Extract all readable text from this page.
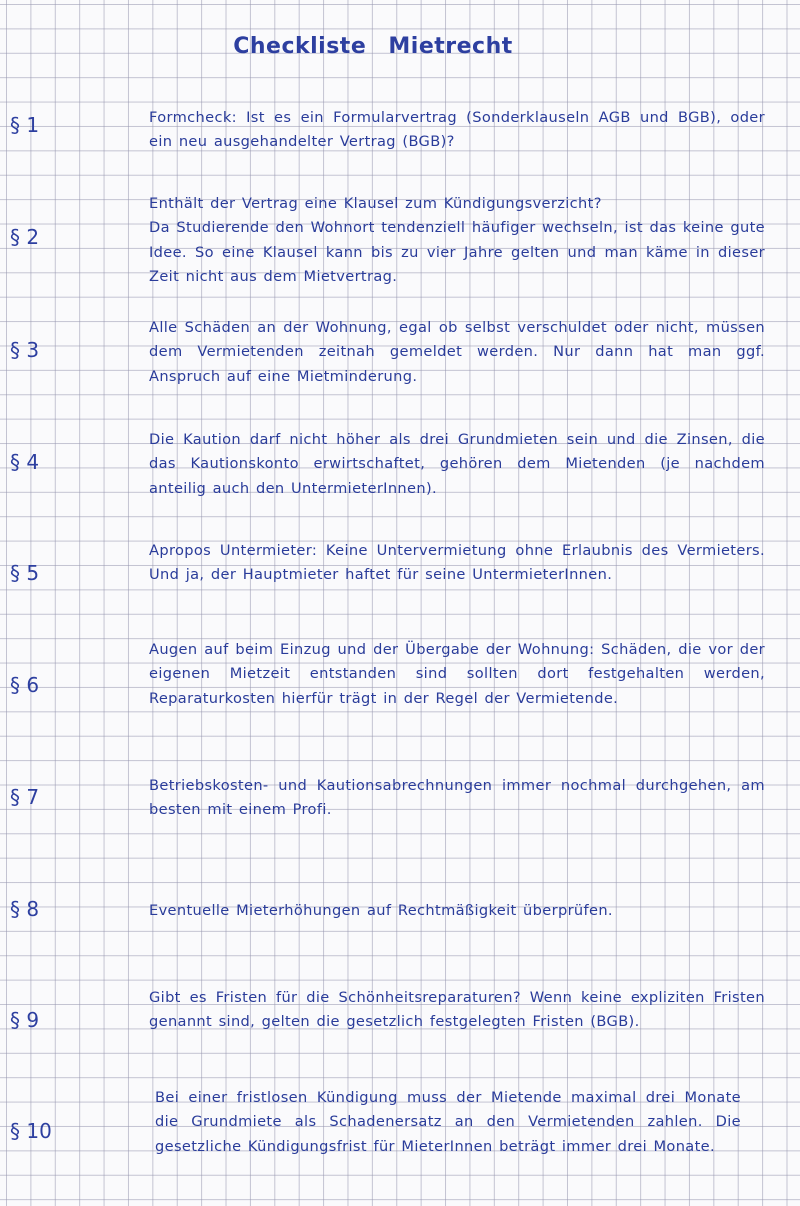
Checkliste Mietrecht
§ 1	Formcheck: Ist es ein Formularvertrag (Sonderklauseln AGB und BGB), oder ein neu ausgehandelter Vertrag (BGB)?
§ 2
Enthält der Vertrag eine Klausel zum Kündigungsverzicht?
Da Studierende den Wohnort tendenziell häufiger wechseln, ist das keine gute Idee. So eine Klausel kann bis zu vier Jahre gelten und man käme in dieser Zeit nicht aus dem Mietvertrag.
§ 3
Alle Schäden an der Wohnung, egal ob selbst verschuldet oder nicht, müssen dem Vermietenden zeitnah gemeldet werden. Nur dann hat man ggf. Anspruch auf eine Mietminderung.
§ 4
Die Kaution darf nicht höher als drei Grundmieten sein und die Zinsen, die das Kautionskonto erwirtschaftet, gehören dem Mietenden (je nachdem anteilig auch den UntermieterInnen).
§ 5
Apropos Untermieter: Keine Untervermietung ohne Erlaubnis des Vermieters. Und ja, der Hauptmieter haftet für seine UntermieterInnen.
§ 6
Augen auf beim Einzug und der Übergabe der Wohnung: Schäden, die vor der eigenen Mietzeit entstanden sind sollten dort festgehalten werden, Reparaturkosten hierfür trägt in der Regel der Vermietende.
§ 7	Betriebskosten- und Kautionsabrechnungen immer nochmal durchgehen, am besten mit einem Profi.
§ 8	Eventuelle Mieterhöhungen auf Rechtmäßigkeit überprüfen.
§ 9
Gibt es Fristen für die Schönheitsreparaturen? Wenn keine expliziten Fristen genannt sind, gelten die gesetzlich festgelegten Fristen (BGB).
§ 10
Bei einer fristlosen Kündigung muss der Mietende maximal drei Monate die Grundmiete als Schadenersatz an den Vermietenden zahlen. Die gesetzliche Kündigungsfrist für MieterInnen beträgt immer drei Monate.
